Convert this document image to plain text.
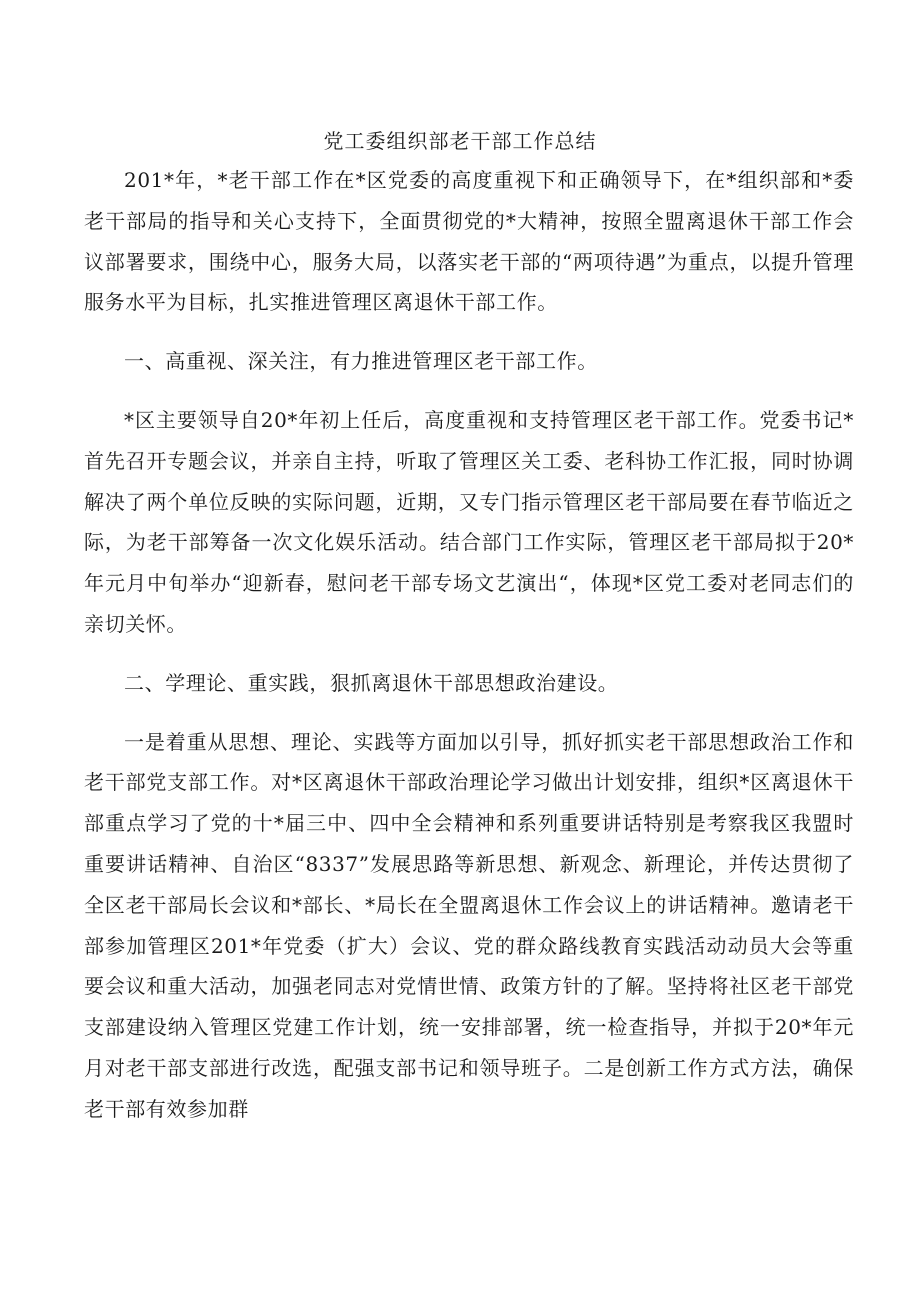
党工委组织部老干部工作总结

201*年，*老干部工作在*区党委的高度重视下和正确领导下，在*组织部和*委老干部局的指导和关心支持下，全面贯彻党的*大精神，按照全盟离退休干部工作会议部署要求，围绕中心，服务大局，以落实老干部的“两项待遇”为重点，以提升管理服务水平为目标，扎实推进管理区离退休干部工作。

一、高重视、深关注，有力推进管理区老干部工作。

*区主要领导自20*年初上任后，高度重视和支持管理区老干部工作。党委书记*首先召开专题会议，并亲自主持，听取了管理区关工委、老科协工作汇报，同时协调解决了两个单位反映的实际问题，近期，又专门指示管理区老干部局要在春节临近之际，为老干部筹备一次文化娱乐活动。结合部门工作实际，管理区老干部局拟于20*年元月中旬举办“迎新春，慰问老干部专场文艺演出“，体现*区党工委对老同志们的亲切关怀。

二、学理论、重实践，狠抓离退休干部思想政治建设。

一是着重从思想、理论、实践等方面加以引导，抓好抓实老干部思想政治工作和老干部党支部工作。对*区离退休干部政治理论学习做出计划安排，组织*区离退休干部重点学习了党的十*届三中、四中全会精神和系列重要讲话特别是考察我区我盟时重要讲话精神、自治区“8337”发展思路等新思想、新观念、新理论，并传达贯彻了全区老干部局长会议和*部长、*局长在全盟离退休工作会议上的讲话精神。邀请老干部参加管理区201*年党委（扩大）会议、党的群众路线教育实践活动动员大会等重要会议和重大活动，加强老同志对党情世情、政策方针的了解。坚持将社区老干部党支部建设纳入管理区党建工作计划，统一安排部署，统一检查指导，并拟于20*年元月对老干部支部进行改选，配强支部书记和领导班子。二是创新工作方式方法，确保老干部有效参加群
